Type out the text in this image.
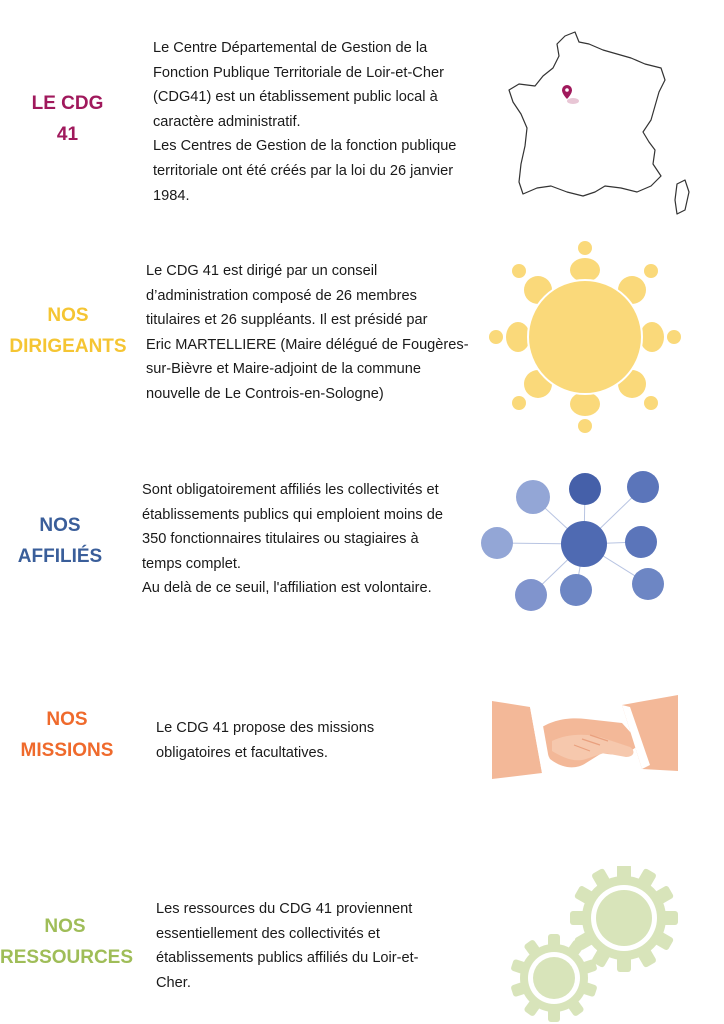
LE CDG
41
Le Centre Départemental de Gestion de la
Fonction Publique Territoriale de Loir-et-Cher
(CDG41) est un établissement public local à
caractère administratif.
Les Centres de Gestion de la fonction publique
territoriale ont été créés par la loi du 26 janvier
1984.
NOS
DIRIGEANTS
Le CDG 41 est dirigé par un conseil
d’administration composé de 26 membres
titulaires et 26 suppléants. Il est présidé par
Eric MARTELLIERE (Maire délégué de Fougères-
sur-Bièvre et Maire-adjoint de la commune
nouvelle de Le Controis-en-Sologne)
NOS
AFFILIÉS
Sont obligatoirement affiliés les collectivités et
établissements publics qui emploient moins de
350 fonctionnaires titulaires ou stagiaires à
temps complet.
Au delà de ce seuil, l'affiliation est volontaire.
NOS
MISSIONS
Le CDG 41 propose des missions
obligatoires et facultatives.
NOS
RESSOURCES
Les ressources du CDG 41 proviennent
essentiellement des collectivités et
établissements publics affiliés du Loir-et-
Cher.
